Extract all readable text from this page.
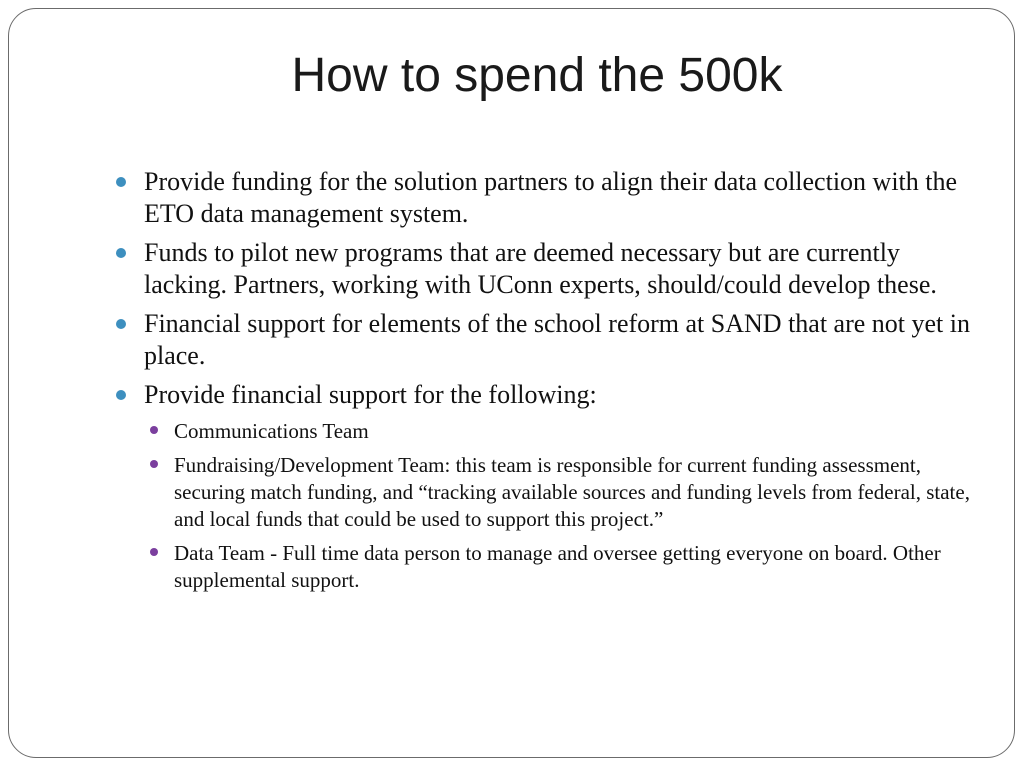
How to spend the 500k
Provide funding for the solution partners to align their data collection with the ETO data management system.
Funds to pilot new programs that are deemed necessary but are currently lacking. Partners, working with UConn experts, should/could develop these.
Financial support for elements of the school reform at SAND that are not yet in place.
Provide financial support for the following:
Communications Team
Fundraising/Development Team: this team is responsible for current funding assessment, securing match funding, and “tracking available sources and funding levels from federal, state, and local funds that could be used to support this project.”
Data Team - Full time data person to manage and oversee getting everyone on board. Other supplemental support.
